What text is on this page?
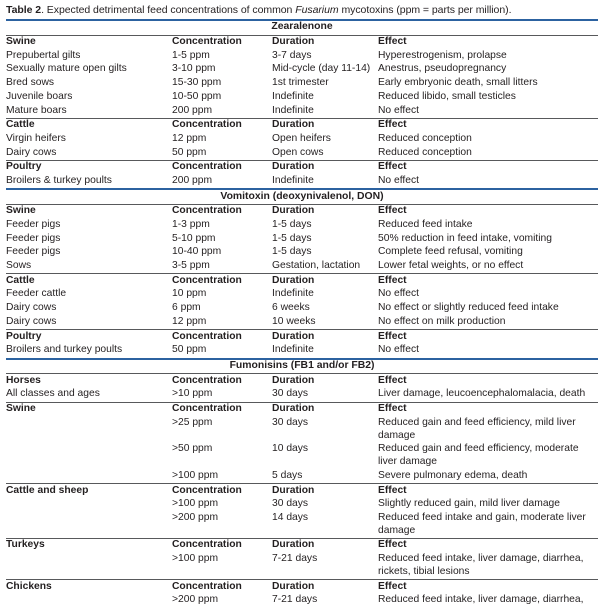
Table 2. Expected detrimental feed concentrations of common Fusarium mycotoxins (ppm = parts per million).
Zearalenone			
Swine	Concentration	Duration	Effect
Prepubertal gilts	1-5 ppm	3-7 days	Hyperestrogenism, prolapse
Sexually mature open gilts	3-10 ppm	Mid-cycle (day 11-14)	Anestrus, pseudopregnancy
Bred sows	15-30 ppm	1st trimester	Early embryonic death, small litters
Juvenile boars	10-50 ppm	Indefinite	Reduced libido, small testicles
Mature boars	200 ppm	Indefinite	No effect
Cattle	Concentration	Duration	Effect
Virgin heifers	12 ppm	Open heifers	Reduced conception
Dairy cows	50 ppm	Open cows	Reduced conception
Poultry	Concentration	Duration	Effect
Broilers & turkey poults	200 ppm	Indefinite	No effect
Vomitoxin (deoxynivalenol, DON)			
Swine	Concentration	Duration	Effect
Feeder pigs	1-3 ppm	1-5 days	Reduced feed intake
Feeder pigs	5-10 ppm	1-5 days	50% reduction in feed intake, vomiting
Feeder pigs	10-40 ppm	1-5 days	Complete feed refusal, vomiting
Sows	3-5 ppm	Gestation, lactation	Lower fetal weights, or no effect
Cattle	Concentration	Duration	Effect
Feeder cattle	10 ppm	Indefinite	No effect
Dairy cows	6 ppm	6 weeks	No effect or slightly reduced feed intake
Dairy cows	12 ppm	10 weeks	No effect on milk production
Poultry	Concentration	Duration	Effect
Broilers and turkey poults	50 ppm	Indefinite	No effect
Fumonisins (FB1 and/or FB2)			
Horses	Concentration	Duration	Effect
All classes and ages	>10 ppm	30 days	Liver damage, leucoencephalomalacia, death
Swine	Concentration	Duration	Effect
	>25 ppm	30 days	Reduced gain and feed efficiency, mild liver damage
	>50 ppm	10 days	Reduced gain and feed efficiency, moderate liver damage
	>100 ppm	5 days	Severe pulmonary edema, death
Cattle and sheep	Concentration	Duration	Effect
	>100 ppm	30 days	Slightly reduced gain, mild liver damage
	>200 ppm	14 days	Reduced feed intake and gain, moderate liver damage
Turkeys	Concentration	Duration	Effect
	>100 ppm	7-21 days	Reduced feed intake, liver damage, diarrhea, rickets, tibial lesions
Chickens	Concentration	Duration	Effect
	>200 ppm	7-21 days	Reduced feed intake, liver damage, diarrhea,
